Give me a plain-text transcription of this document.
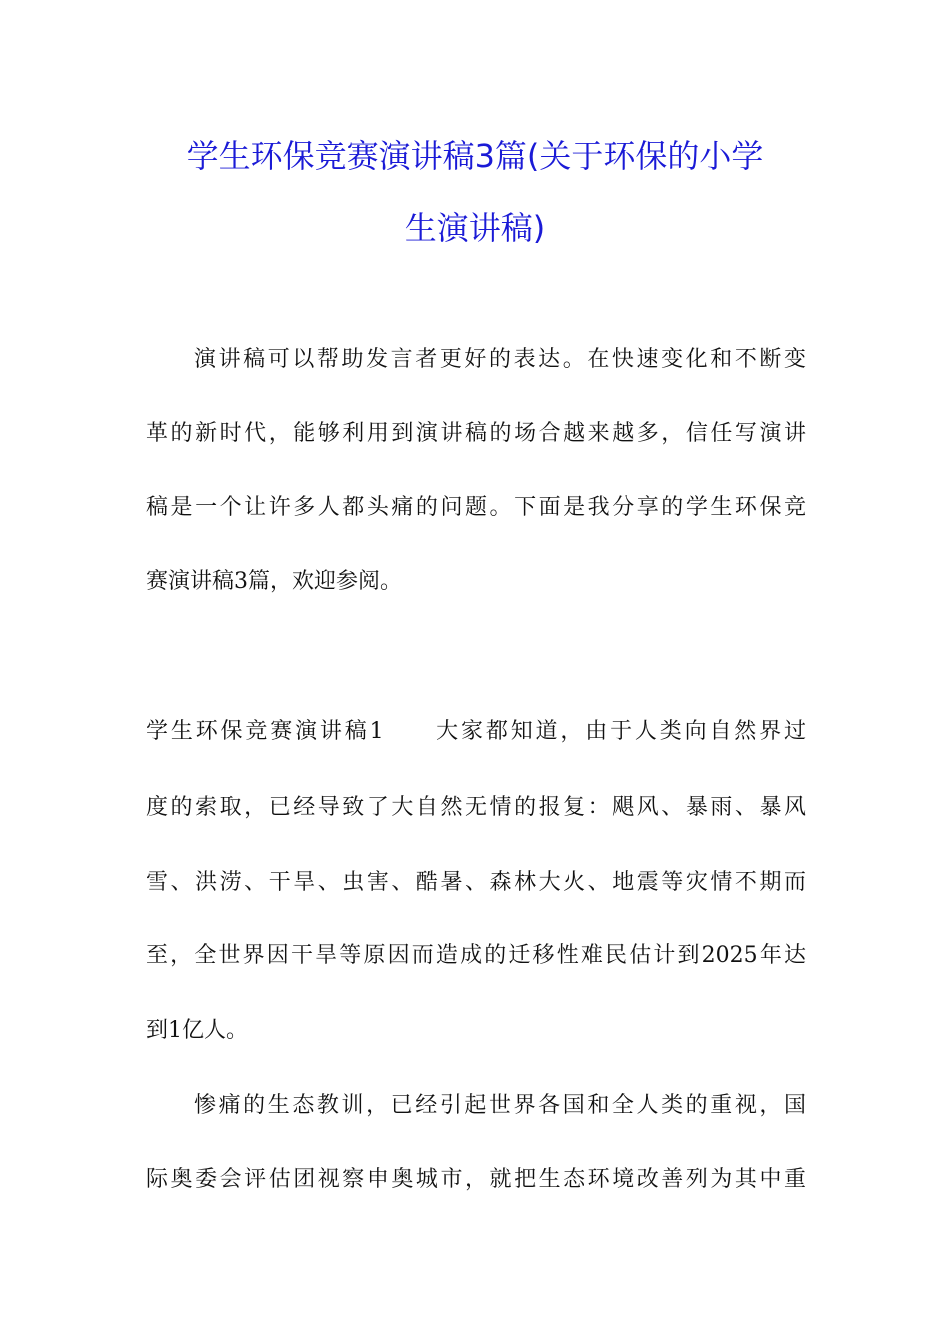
学生环保竞赛演讲稿3篇(关于环保的小学
生演讲稿)

演讲稿可以帮助发言者更好的表达。在快速变化和不断变

革的新时代，能够利用到演讲稿的场合越来越多，信任写演讲

稿是一个让许多人都头痛的问题。下面是我分享的学生环保竞

赛演讲稿3篇，欢迎参阅。

学生环保竞赛演讲稿1　　大家都知道，由于人类向自然界过

度的索取，已经导致了大自然无情的报复：飓风、暴雨、暴风

雪、洪涝、干旱、虫害、酷暑、森林大火、地震等灾情不期而

至，全世界因干旱等原因而造成的迁移性难民估计到2025年达

到1亿人。

惨痛的生态教训，已经引起世界各国和全人类的重视，国

际奥委会评估团视察申奥城市，就把生态环境改善列为其中重
